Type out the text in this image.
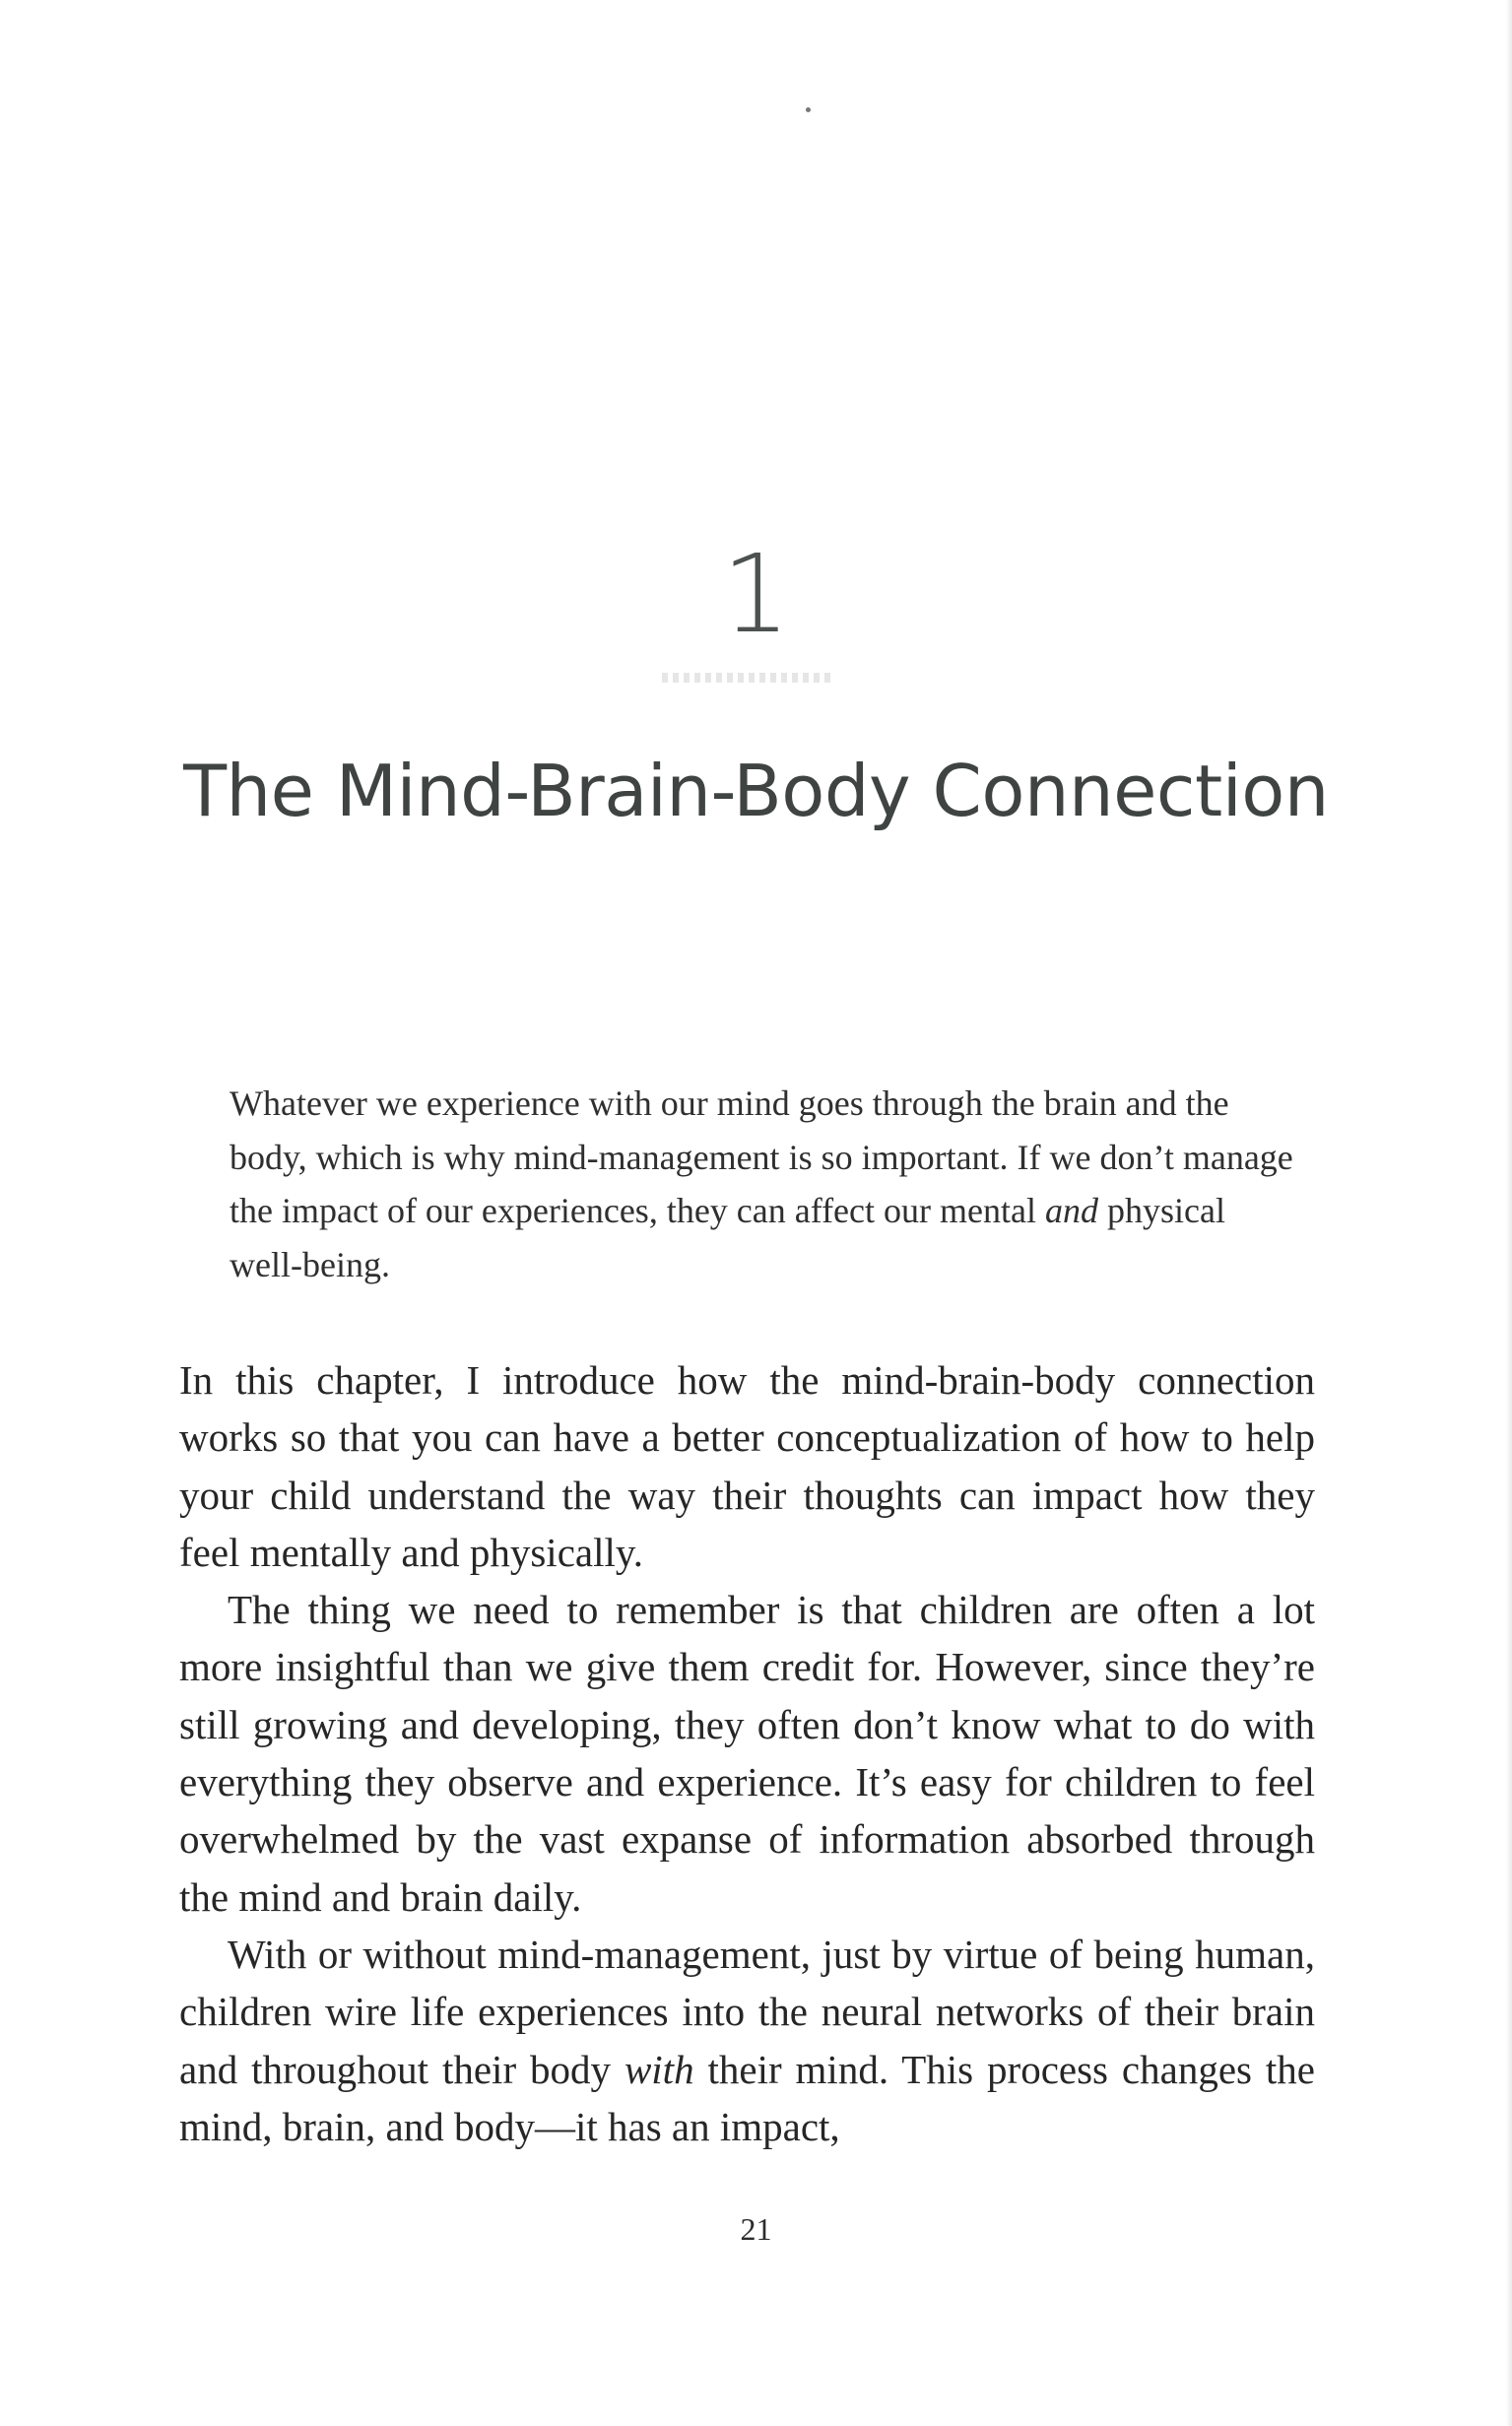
1
The Mind-Brain-Body Connection

Whatever we experience with our mind goes through the brain and the body, which is why mind-management is so important. If we don’t manage the impact of our experiences, they can affect our mental and physical well-being.

In this chapter, I introduce how the mind-brain-body connection works so that you can have a better conceptualization of how to help your child understand the way their thoughts can impact how they feel mentally and physically.

The thing we need to remember is that children are often a lot more insightful than we give them credit for. However, since they’re still growing and developing, they often don’t know what to do with everything they observe and experience. It’s easy for children to feel overwhelmed by the vast expanse of information absorbed through the mind and brain daily.

With or without mind-management, just by virtue of being human, children wire life experiences into the neural networks of their brain and throughout their body with their mind. This process changes the mind, brain, and body—it has an impact,

21
